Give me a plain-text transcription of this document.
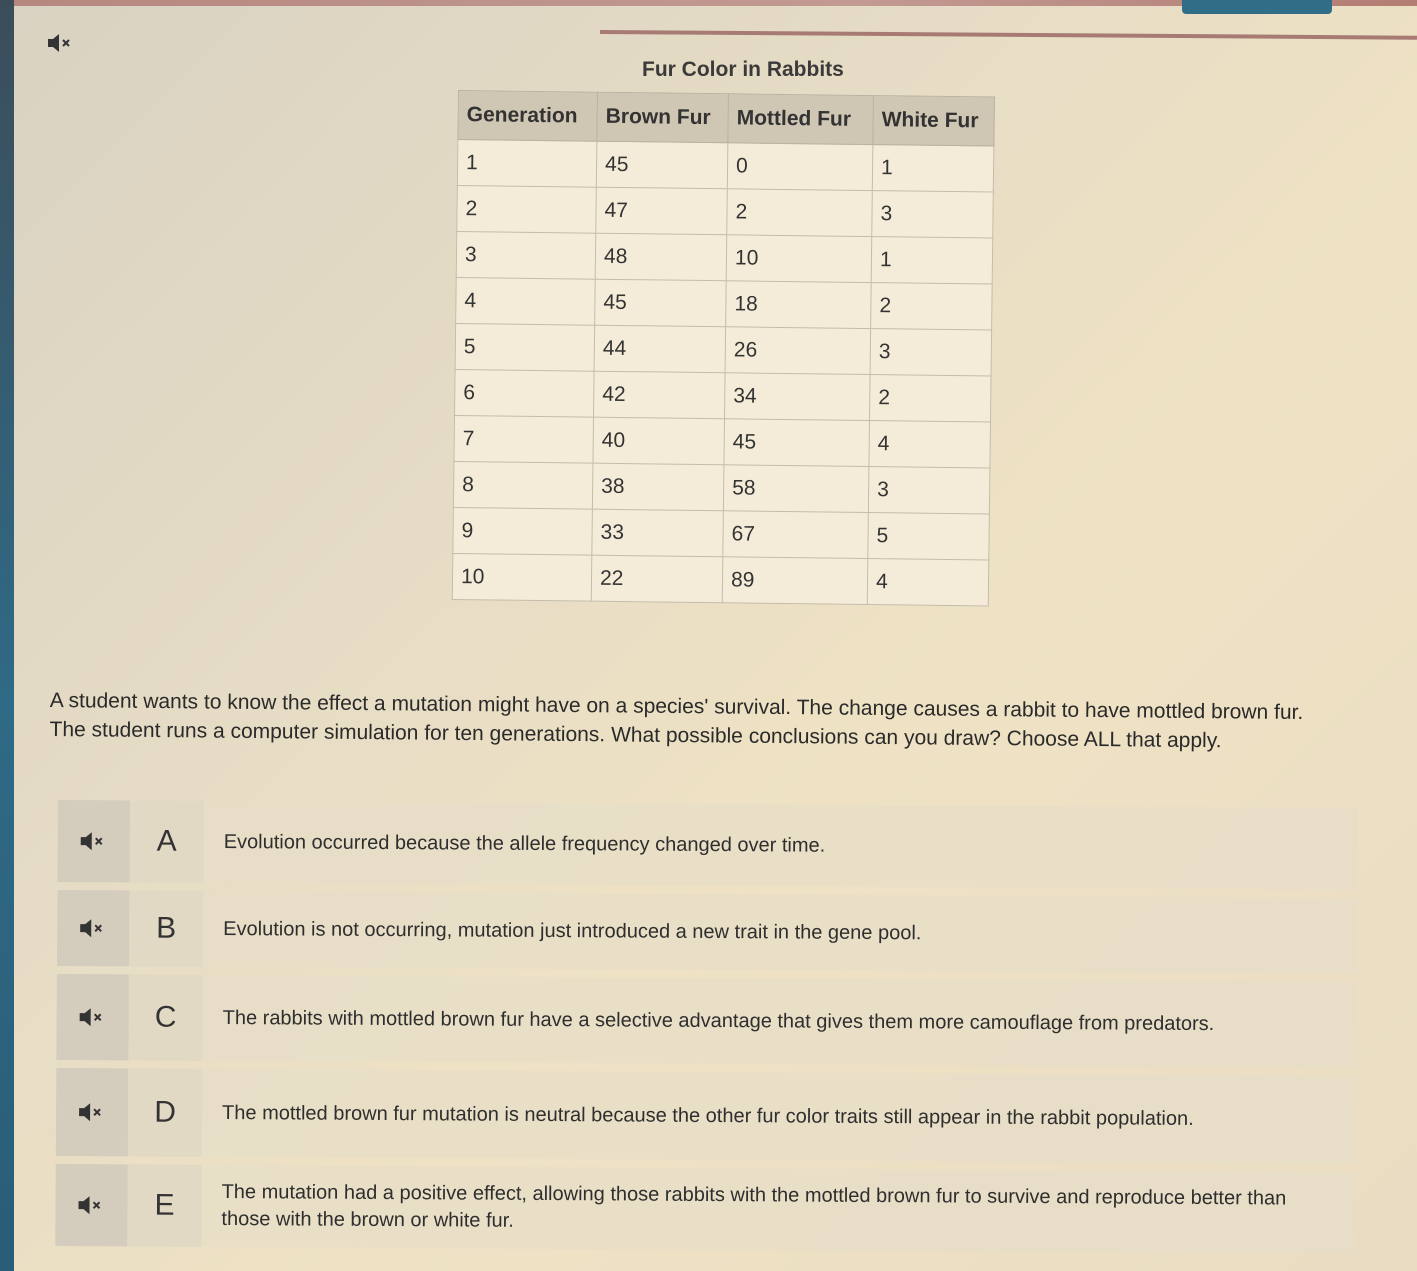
Fur Color in Rabbits
Generation	Brown Fur	Mottled Fur	White Fur
1	45	0	1
2	47	2	3
3	48	10	1
4	45	18	2
5	44	26	3
6	42	34	2
7	40	45	4
8	38	58	3
9	33	67	5
10	22	89	4
A student wants to know the effect a mutation might have on a species' survival. The change causes a rabbit to have mottled brown fur. The student runs a computer simulation for ten generations. What possible conclusions can you draw? Choose ALL that apply.
A	Evolution occurred because the allele frequency changed over time.
B	Evolution is not occurring, mutation just introduced a new trait in the gene pool.
C	The rabbits with mottled brown fur have a selective advantage that gives them more camouflage from predators.
D	The mottled brown fur mutation is neutral because the other fur color traits still appear in the rabbit population.
E	The mutation had a positive effect, allowing those rabbits with the mottled brown fur to survive and reproduce better than those with the brown or white fur.
